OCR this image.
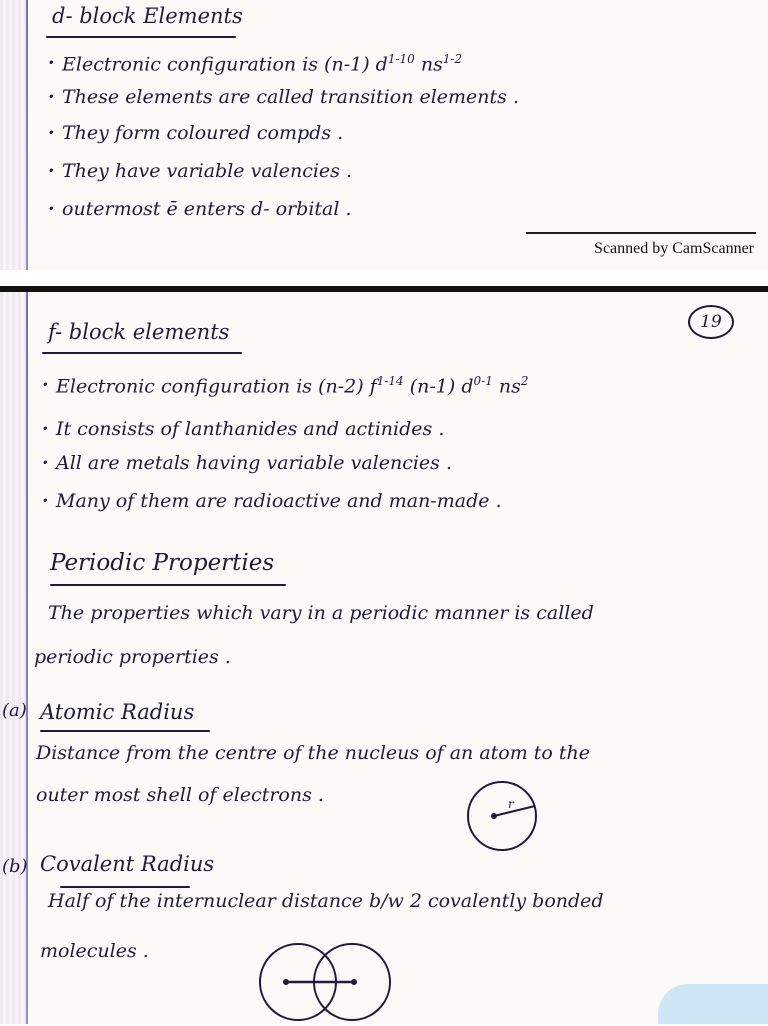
d- block Elements
· Electronic configuration is (n-1) $d^{1-10}$ $ns^{1-2}$
· These elements are called transition elements .
· They form coloured compds .
· They have variable valencies .
· outermost ē enters d- orbital .
Scanned by CamScanner
19
f- block elements
· Electronic configuration is (n-2) $f^{1-14}$ (n-1) $d^{0-1}$ $ns^2$
· It consists of lanthanides and actinides .
· All are metals having variable valencies .
· Many of them are radioactive and man-made .
Periodic Properties
The properties which vary in a periodic manner is called
periodic properties .
(a) Atomic Radius
Distance from the centre of the nucleus of an atom to the
outer most shell of electrons .	r
(b) Covalent Radius
Half of the internuclear distance b/w 2 covalently bonded
molecules .
